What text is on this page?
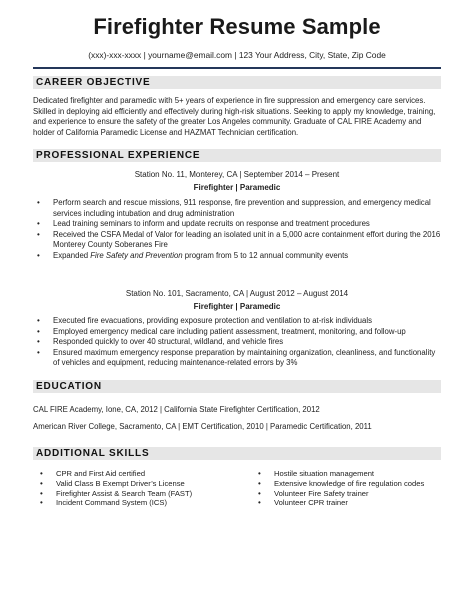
Firefighter Resume Sample
(xxx)-xxx-xxxx | yourname@email.com | 123 Your Address, City, State, Zip Code
CAREER OBJECTIVE
Dedicated firefighter and paramedic with 5+ years of experience in fire suppression and emergency care services. Skilled in deploying aid efficiently and effectively during high-risk situations. Seeking to apply my knowledge, training, and experience to ensure the safety of the greater Los Angeles community. Graduate of CAL FIRE Academy and holder of California Paramedic License and HAZMAT Technician certification.
PROFESSIONAL EXPERIENCE
Station No. 11, Monterey, CA | September 2014 – Present
Firefighter | Paramedic
• Perform search and rescue missions, 911 response, fire prevention and suppression, and emergency medical services including intubation and drug administration
• Lead training seminars to inform and update recruits on response and treatment procedures
• Received the CSFA Medal of Valor for leading an isolated unit in a 5,000 acre containment effort during the 2016 Monterey County Soberanes Fire
• Expanded Fire Safety and Prevention program from 5 to 12 annual community events
Station No. 101, Sacramento, CA | August 2012 – August 2014
Firefighter | Paramedic
• Executed fire evacuations, providing exposure protection and ventilation to at-risk individuals
• Employed emergency medical care including patient assessment, treatment, monitoring, and follow-up
• Responded quickly to over 40 structural, wildland, and vehicle fires
• Ensured maximum emergency response preparation by maintaining organization, cleanliness, and functionality of vehicles and equipment, reducing maintenance-related errors by 3%
EDUCATION
CAL FIRE Academy, Ione, CA, 2012 | California State Firefighter Certification, 2012
American River College, Sacramento, CA | EMT Certification, 2010 | Paramedic Certification, 2011
ADDITIONAL SKILLS
• CPR and First Aid certified
• Valid Class B Exempt Driver’s License
• Firefighter Assist & Search Team (FAST)
• Incident Command System (ICS)
• Hostile situation management
• Extensive knowledge of fire regulation codes
• Volunteer Fire Safety trainer
• Volunteer CPR trainer
